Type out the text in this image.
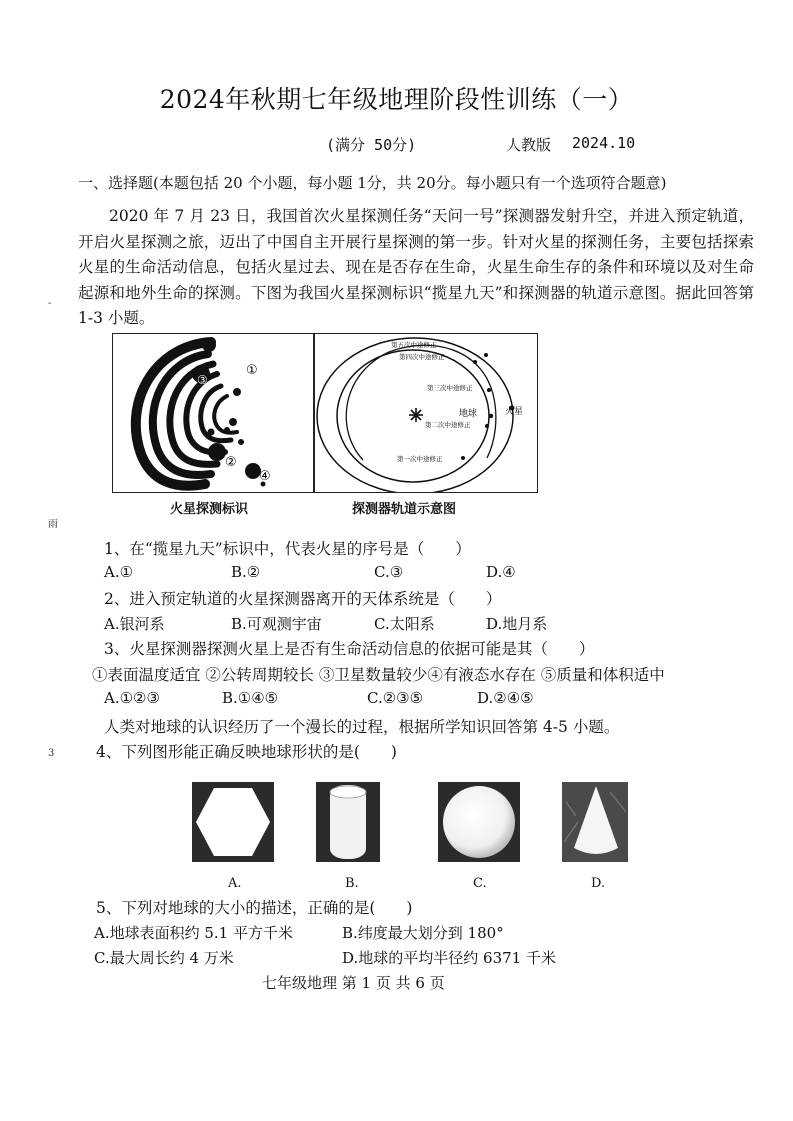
2024年秋期七年级地理阶段性训练（一）
(满分 50分)	人教版 2024.10
一、选择题(本题包括 20 个小题，每小题 1分，共 20分。每小题只有一个选项符合题意)

2020 年 7 月 23 日，我国首次火星探测任务“天问一号”探测器发射升空，并进入预定轨道，开启火星探测之旅，迈出了中国自主开展行星探测的第一步。针对火星的探测任务，主要包括探索火星的生命活动信息，包括火星过去、现在是否存在生命，火星生命生存的条件和环境以及对生命起源和地外生命的探测。下图为我国火星探测标识“揽星九天”和探测器的轨道示意图。据此回答第 1-3 小题。

-
①
②
③
④
第五次中途修正
第四次中途修正
第三次中途修正
地球	火星
第二次中途修正
第一次中途修正
火星探测标识	探测器轨道示意图
雨
1、在“揽星九天”标识中，代表火星的序号是（　　）
A.①	B.②	C.③	D.④
2、进入预定轨道的火星探测器离开的天体系统是（　　）
A.银河系	B.可观测宇宙	C.太阳系	D.地月系
3、火星探测器探测火星上是否有生命活动信息的依据可能是其（　　）
①表面温度适宜 ②公转周期较长 ③卫星数量较少④有液态水存在 ⑤质量和体积适中
A.①②③	B.①④⑤	C.②③⑤	D.②④⑤
人类对地球的认识经历了一个漫长的过程，根据所学知识回答第 4-5 小题。
3	4、下列图形能正确反映地球形状的是(　　)
A.	B.	C.	D.
5、下列对地球的大小的描述，正确的是(　　)
A.地球表面积约 5.1 平方千米	B.纬度最大划分到 180°
C.最大周长约 4 万米	D.地球的平均半径约 6371 千米
七年级地理 第 1 页 共 6 页
